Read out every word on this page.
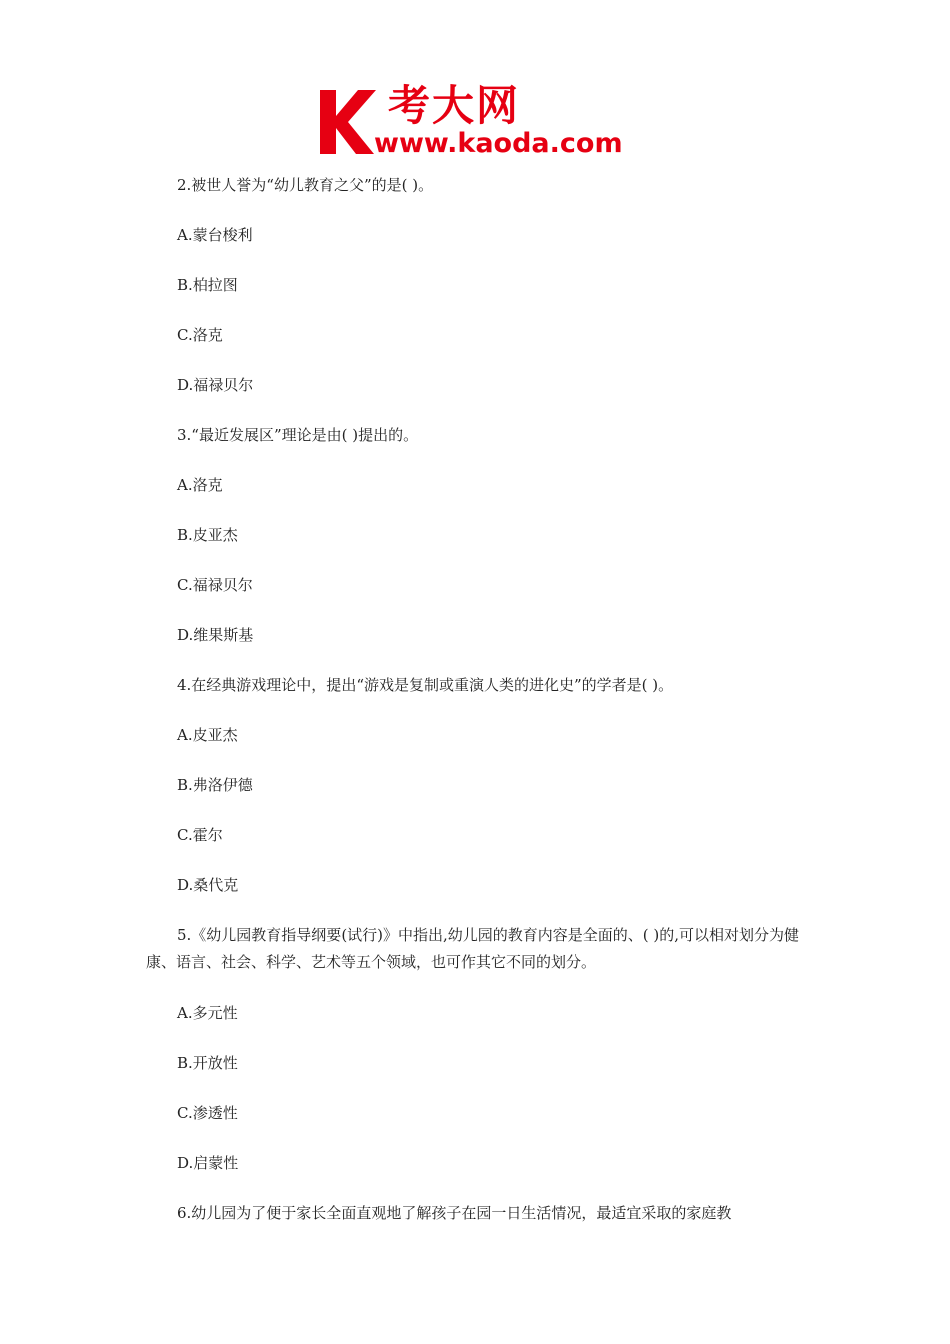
考大网
www.kaoda.com

2.被世人誉为“幼儿教育之父”的是( )。

A.蒙台梭利

B.柏拉图

C.洛克

D.福禄贝尔

3.“最近发展区”理论是由( )提出的。

A.洛克

B.皮亚杰

C.福禄贝尔

D.维果斯基

4.在经典游戏理论中，提出“游戏是复制或重演人类的进化史”的学者是( )。

A.皮亚杰

B.弗洛伊德

C.霍尔

D.桑代克

5.《幼儿园教育指导纲要(试行)》中指出,幼儿园的教育内容是全面的、( )的,可以相对划分为健康、语言、社会、科学、艺术等五个领域，也可作其它不同的划分。

A.多元性

B.开放性

C.渗透性

D.启蒙性

6.幼儿园为了便于家长全面直观地了解孩子在园一日生活情况，最适宜采取的家庭教
